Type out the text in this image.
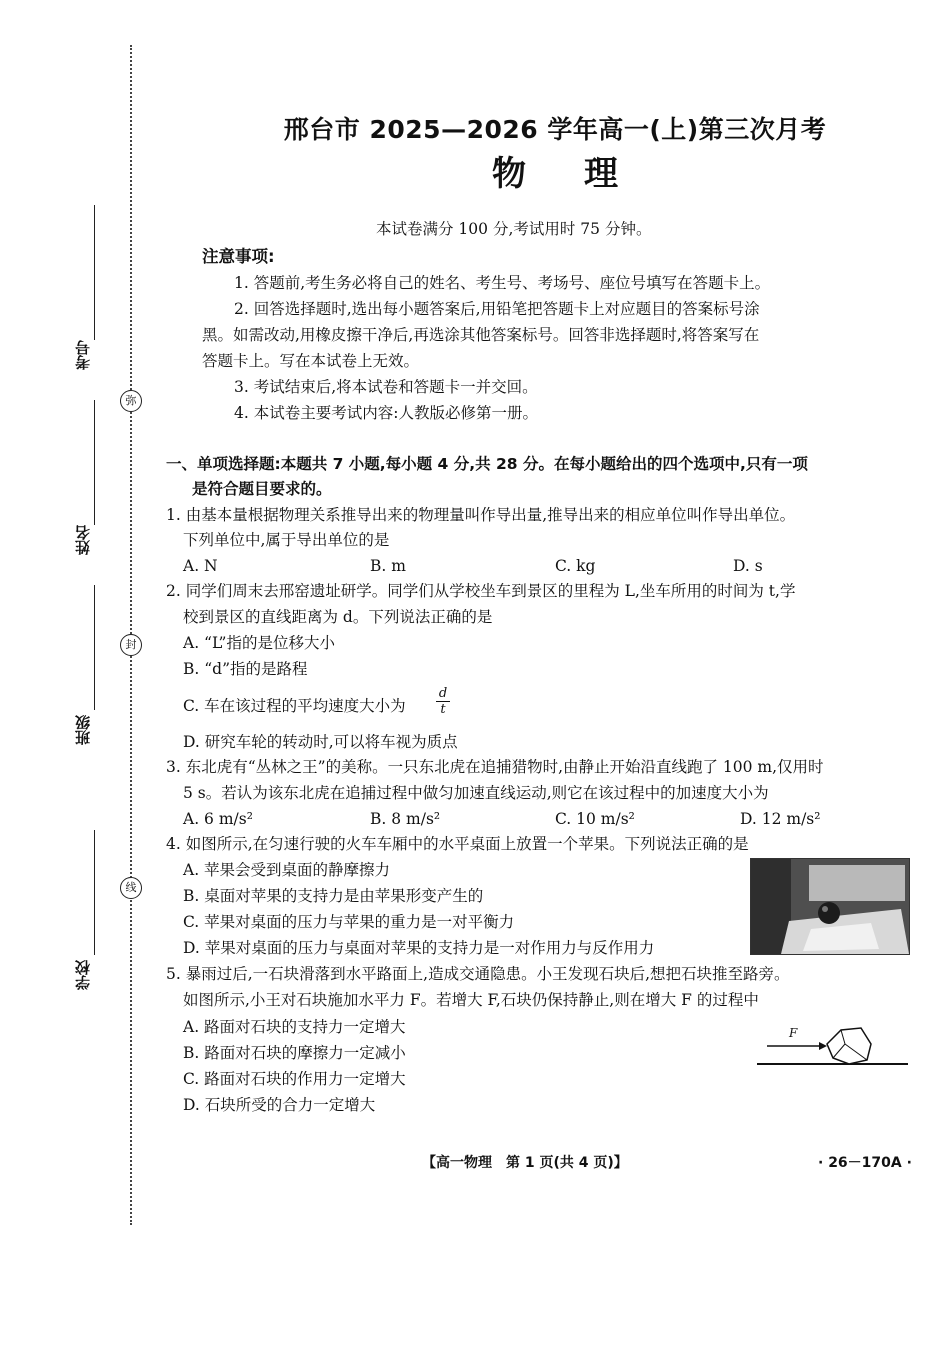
弥
封
线
考号
姓名
班级
学校
邢台市 2025—2026 学年高一(上)第三次月考
物理
本试卷满分 100 分,考试用时 75 分钟。
注意事项:
1. 答题前,考生务必将自己的姓名、考生号、考场号、座位号填写在答题卡上。
2. 回答选择题时,选出每小题答案后,用铅笔把答题卡上对应题目的答案标号涂
黑。如需改动,用橡皮擦干净后,再选涂其他答案标号。回答非选择题时,将答案写在
答题卡上。写在本试卷上无效。
3. 考试结束后,将本试卷和答题卡一并交回。
4. 本试卷主要考试内容:人教版必修第一册。
一、单项选择题:本题共 7 小题,每小题 4 分,共 28 分。在每小题给出的四个选项中,只有一项
是符合题目要求的。
1. 由基本量根据物理关系推导出来的物理量叫作导出量,推导出来的相应单位叫作导出单位。
下列单位中,属于导出单位的是
A. N	B. m	C. kg	D. s
2. 同学们周末去邢窑遗址研学。同学们从学校坐车到景区的里程为 L,坐车所用的时间为 t,学
校到景区的直线距离为 d。下列说法正确的是
A. “L”指的是位移大小
B. “d”指的是路程
C. 车在该过程的平均速度大小为 $\frac{d}{t}$
D. 研究车轮的转动时,可以将车视为质点
3. 东北虎有“丛林之王”的美称。一只东北虎在追捕猎物时,由静止开始沿直线跑了 100 m,仅用时
5 s。若认为该东北虎在追捕过程中做匀加速直线运动,则它在该过程中的加速度大小为
A. 6 m/s²	B. 8 m/s²	C. 10 m/s²	D. 12 m/s²
4. 如图所示,在匀速行驶的火车车厢中的水平桌面上放置一个苹果。下列说法正确的是
A. 苹果会受到桌面的静摩擦力
B. 桌面对苹果的支持力是由苹果形变产生的
C. 苹果对桌面的压力与苹果的重力是一对平衡力
D. 苹果对桌面的压力与桌面对苹果的支持力是一对作用力与反作用力
5. 暴雨过后,一石块滑落到水平路面上,造成交通隐患。小王发现石块后,想把石块推至路旁。
如图所示,小王对石块施加水平力 F。若增大 F,石块仍保持静止,则在增大 F 的过程中
A. 路面对石块的支持力一定增大
B. 路面对石块的摩擦力一定减小
C. 路面对石块的作用力一定增大
D. 石块所受的合力一定增大
F
【高一物理　第 1 页(共 4 页)】	· 26－170A ·
